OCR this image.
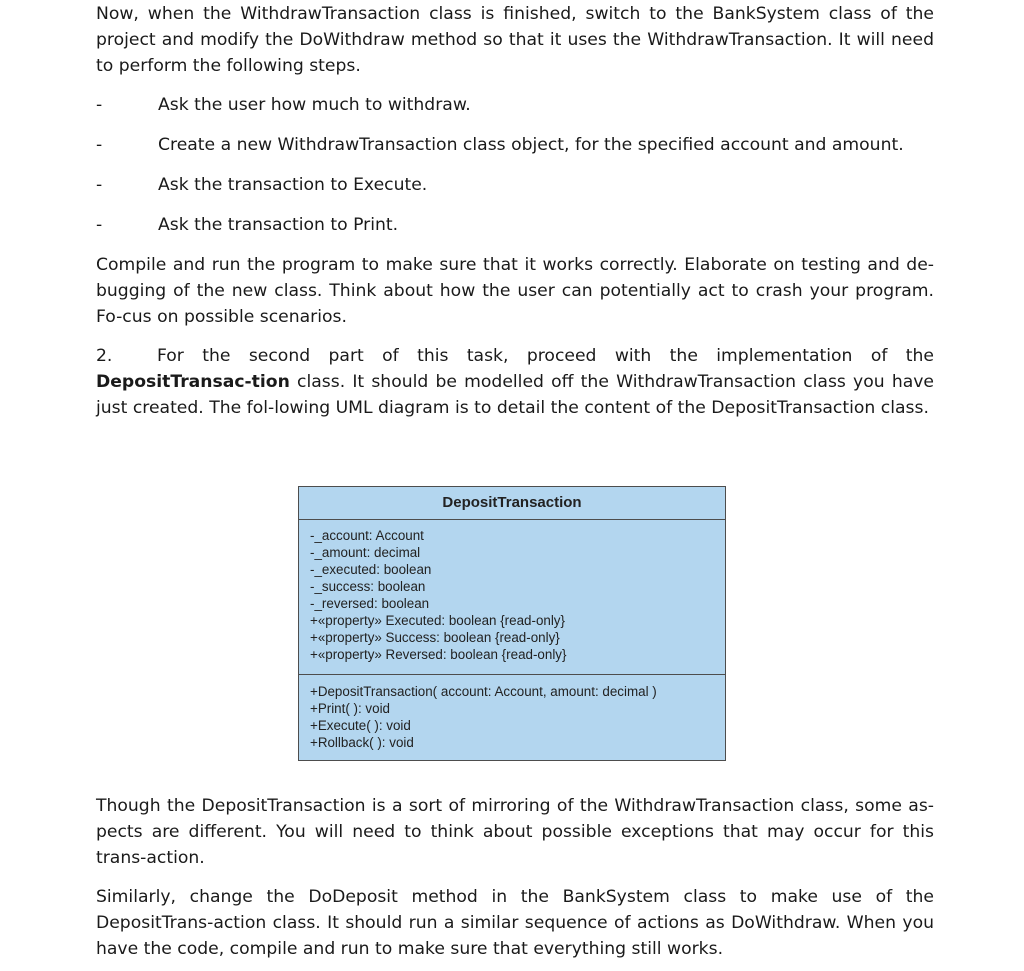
Now, when the WithdrawTransaction class is finished, switch to the BankSystem class of the project and modify the DoWithdraw method so that it uses the WithdrawTransaction. It will need to perform the following steps.

-	Ask the user how much to withdraw.
-	Create a new WithdrawTransaction class object, for the specified account and amount.
-	Ask the transaction to Execute.
-	Ask the transaction to Print.

Compile and run the program to make sure that it works correctly. Elaborate on testing and de-bugging of the new class. Think about how the user can potentially act to crash your program. Fo-cus on possible scenarios.

2.	For the second part of this task, proceed with the implementation of the DepositTransac-tion class. It should be modelled off the WithdrawTransaction class you have just created. The fol-lowing UML diagram is to detail the content of the DepositTransaction class.

Though the DepositTransaction is a sort of mirroring of the WithdrawTransaction class, some as-pects are different. You will need to think about possible exceptions that may occur for this trans-action.

Similarly, change the DoDeposit method in the BankSystem class to make use of the DepositTrans-action class. It should run a similar sequence of actions as DoWithdraw. When you have the code, compile and run to make sure that everything still works.

DepositTransaction
-_account: Account
-_amount: decimal
-_executed: boolean
-_success: boolean
-_reversed: boolean
+«property» Executed: boolean {read-only}
+«property» Success: boolean {read-only}
+«property» Reversed: boolean {read-only}
+DepositTransaction( account: Account, amount: decimal )
+Print( ): void
+Execute( ): void
+Rollback( ): void
